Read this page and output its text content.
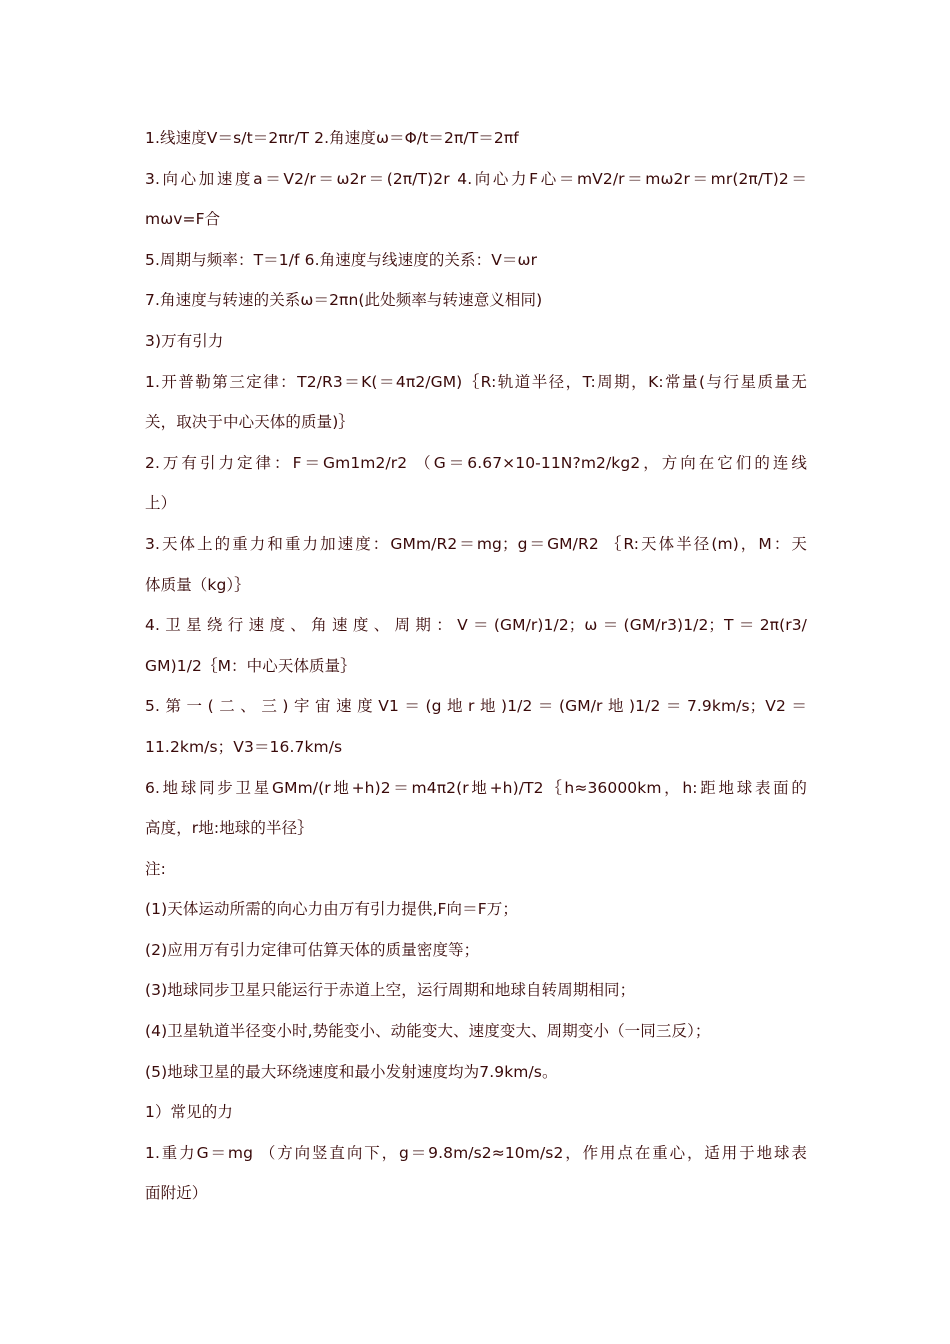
1.线速度V＝s/t＝2πr/T 2.角速度ω＝Φ/t＝2π/T＝2πf
3.向心加速度a＝V2/r＝ω2r＝(2π/T)2r 4.向心力F心＝mV2/r＝mω2r＝mr(2π/T)2＝
mωv=F合
5.周期与频率：T＝1/f 6.角速度与线速度的关系：V＝ωr
7.角速度与转速的关系ω＝2πn(此处频率与转速意义相同)
3)万有引力
1.开普勒第三定律：T2/R3＝K(＝4π2/GM)｛R:轨道半径，T:周期，K:常量(与行星质量无
关，取决于中心天体的质量)｝
2.万有引力定律：F＝Gm1m2/r2 （G＝6.67×10-11N?m2/kg2，方向在它们的连线
上）
3.天体上的重力和重力加速度：GMm/R2＝mg；g＝GM/R2 ｛R:天体半径(m)，M：天
体质量（kg）｝
4.卫星绕行速度、角速度、周期：V＝(GM/r)1/2；ω＝(GM/r3)1/2；T＝2π(r3/
GM)1/2｛M：中心天体质量｝
5.第一(二、三)宇宙速度V1＝(g地r地)1/2＝(GM/r地)1/2＝7.9km/s；V2＝
11.2km/s；V3＝16.7km/s
6.地球同步卫星GMm/(r地+h)2＝m4π2(r地+h)/T2｛h≈36000km，h:距地球表面的
高度，r地:地球的半径｝
注:
(1)天体运动所需的向心力由万有引力提供,F向＝F万；
(2)应用万有引力定律可估算天体的质量密度等；
(3)地球同步卫星只能运行于赤道上空，运行周期和地球自转周期相同；
(4)卫星轨道半径变小时,势能变小、动能变大、速度变大、周期变小（一同三反）；
(5)地球卫星的最大环绕速度和最小发射速度均为7.9km/s。
1）常见的力
1.重力G＝mg （方向竖直向下，g＝9.8m/s2≈10m/s2，作用点在重心，适用于地球表
面附近）
